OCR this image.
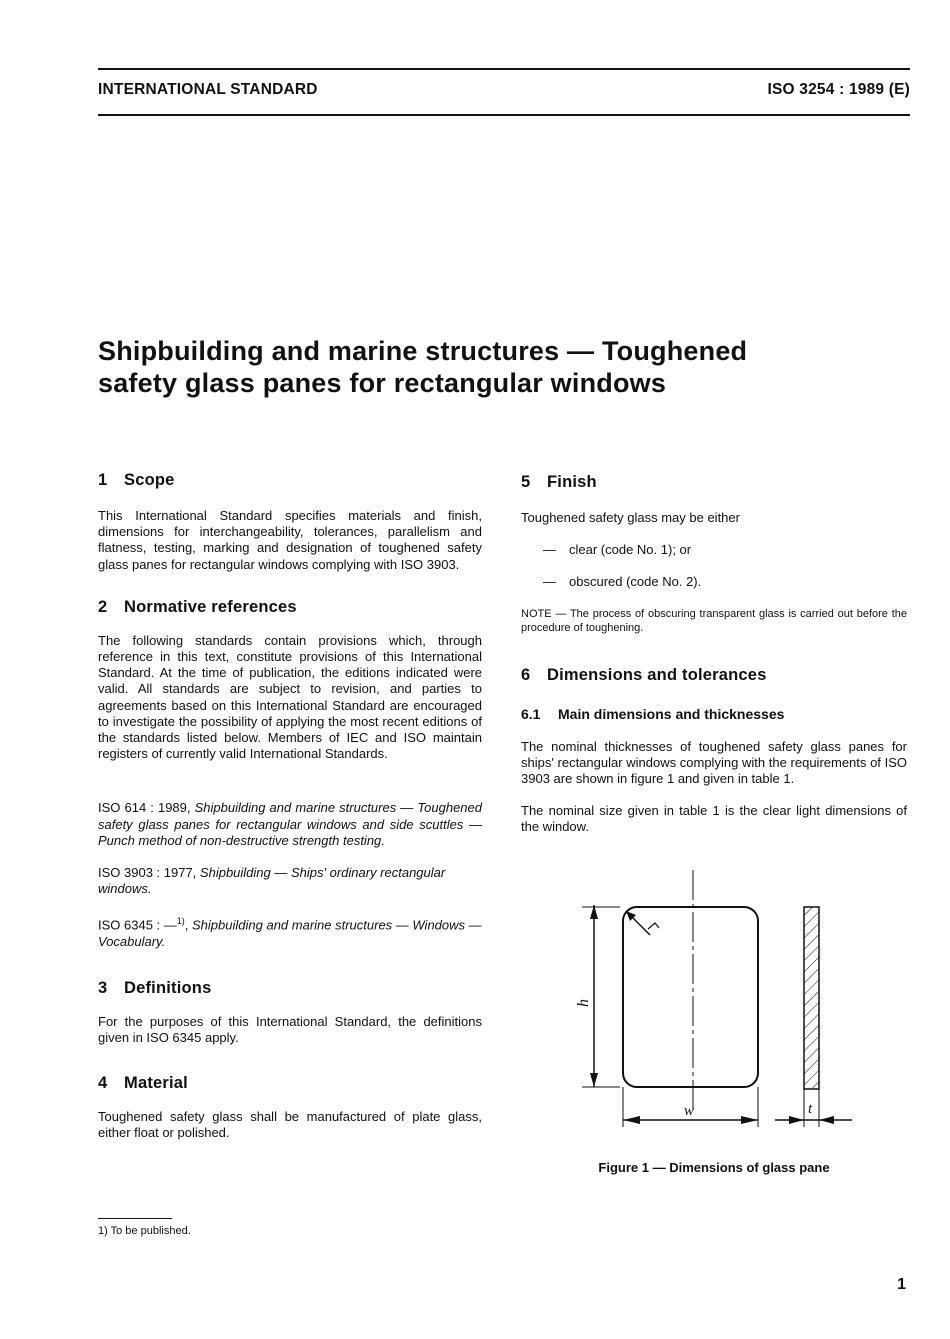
INTERNATIONAL STANDARD	ISO 3254 : 1989 (E)
Shipbuilding and marine structures — Toughened
safety glass panes for rectangular windows
1 Scope

This International Standard specifies materials and finish, dimensions for interchangeability, tolerances, parallelism and flatness, testing, marking and designation of toughened safety glass panes for rectangular windows complying with ISO 3903.

2 Normative references

The following standards contain provisions which, through reference in this text, constitute provisions of this International Standard. At the time of publication, the editions indicated were valid. All standards are subject to revision, and parties to agreements based on this International Standard are encouraged to investigate the possibility of applying the most recent editions of the standards listed below. Members of IEC and ISO maintain registers of currently valid International Standards.

ISO 614 : 1989, Shipbuilding and marine structures — Toughened safety glass panes for rectangular windows and side scuttles — Punch method of non-destructive strength testing.

ISO 3903 : 1977, Shipbuilding — Ships' ordinary rectangular windows.

ISO 6345 : —$^{1)}$, Shipbuilding and marine structures — Windows — Vocabulary.

3 Definitions

For the purposes of this International Standard, the definitions given in ISO 6345 apply.

4 Material

Toughened safety glass shall be manufactured of plate glass, either float or polished.

5 Finish

Toughened safety glass may be either

— clear (code No. 1); or
— obscured (code No. 2).

NOTE — The process of obscuring transparent glass is carried out before the procedure of toughening.

6 Dimensions and tolerances
6.1 Main dimensions and thicknesses

The nominal thicknesses of toughened safety glass panes for ships' rectangular windows complying with the requirements of ISO 3903 are shown in figure 1 and given in table 1.

The nominal size given in table 1 is the clear light dimensions of the window.

h
w	t
Figure 1 — Dimensions of glass pane
1) To be published.
1
